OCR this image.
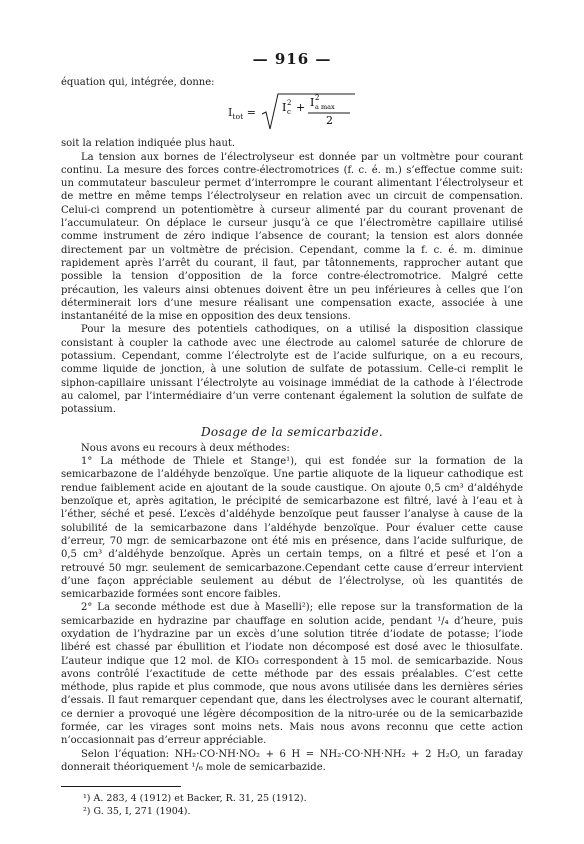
— 916 —

équation qui, intégrée, donne:

$I_{tot} = I$ 2
c + I 2
a max
2

soit la relation indiquée plus haut.

La tension aux bornes de l’électrolyseur est donnée par un voltmètre pour courant continu. La mesure des forces contre-électromotrices (f. c. é. m.) s’effectue comme suit: un commutateur basculeur permet d’interrompre le courant alimentant l’électrolyseur et de mettre en même temps l’électrolyseur en relation avec un circuit de compensation. Celui-ci comprend un potentiomètre à curseur alimenté par du courant provenant de l’accumulateur. On déplace le curseur jusqu’à ce que l’électromètre capillaire utilisé comme instrument de zéro indique l’absence de courant; la tension est alors donnée directement par un voltmètre de précision. Cependant, comme la f. c. é. m. diminue rapidement après l’arrêt du courant, il faut, par tâtonnements, rapprocher autant que possible la tension d’opposition de la force contre-électromotrice. Malgré cette précaution, les valeurs ainsi obtenues doivent être un peu inférieures à celles que l’on déterminerait lors d’une mesure réalisant une compensation exacte, associée à une instantanéité de la mise en opposition des deux tensions.

Pour la mesure des potentiels cathodiques, on a utilisé la disposition classique consistant à coupler la cathode avec une électrode au calomel saturée de chlorure de potassium. Cependant, comme l’électrolyte est de l’acide sulfurique, on a eu recours, comme liquide de jonction, à une solution de sulfate de potassium. Celle-ci remplit le siphon-capillaire unissant l’électrolyte au voisinage immédiat de la cathode à l’électrode au calomel, par l’intermédiaire d’un verre contenant également la solution de sulfate de potassium.

Dosage de la semicarbazide.

Nous avons eu recours à deux méthodes:

1° La méthode de Thiele et Stange¹), qui est fondée sur la formation de la semicarbazone de l’aldéhyde benzoïque. Une partie aliquote de la liqueur cathodique est rendue faiblement acide en ajoutant de la soude caustique. On ajoute 0,5 cm³ d’aldéhyde benzoïque et, après agitation, le précipité de semicarbazone est filtré, lavé à l’eau et à l’éther, séché et pesé. L’excès d’aldéhyde benzoïque peut fausser l’analyse à cause de la solubilité de la semicarbazone dans l’aldéhyde benzoïque. Pour évaluer cette cause d’erreur, 70 mgr. de semicarbazone ont été mis en présence, dans l’acide sulfurique, de 0,5 cm³ d’aldéhyde benzoïque. Après un certain temps, on a filtré et pesé et l’on a retrouvé 50 mgr. seulement de semicarbazone.Cependant cette cause d’erreur intervient d’une façon appréciable seulement au début de l’électrolyse, où les quantités de semicarbazide formées sont encore faibles.

2° La seconde méthode est due à Maselli²); elle repose sur la transformation de la semicarbazide en hydrazine par chauffage en solution acide, pendant ¹/₄ d’heure, puis oxydation de l’hydrazine par un excès d’une solution titrée d’iodate de potasse; l’iode libéré est chassé par ébullition et l’iodate non décomposé est dosé avec le thiosulfate. L’auteur indique que 12 mol. de KIO₃ correspondent à 15 mol. de semicarbazide. Nous avons contrôlé l’exactitude de cette méthode par des essais préalables. C’est cette méthode, plus rapide et plus commode, que nous avons utilisée dans les dernières séries d’essais. Il faut remarquer cependant que, dans les électrolyses avec le courant alternatif, ce dernier a provoqué une légère décomposition de la nitro-urée ou de la semicarbazide formée, car les virages sont moins nets. Mais nous avons reconnu que cette action n’occasionnait pas d’erreur appréciable.

Selon l’équation: NH₂·CO·NH·NO₂ + 6 H = NH₂·CO·NH·NH₂ + 2 H₂O, un faraday donnerait théoriquement ¹/₆ mole de semicarbazide.

¹) A. 283, 4 (1912) et Backer, R. 31, 25 (1912).

²) G. 35, I, 271 (1904).
